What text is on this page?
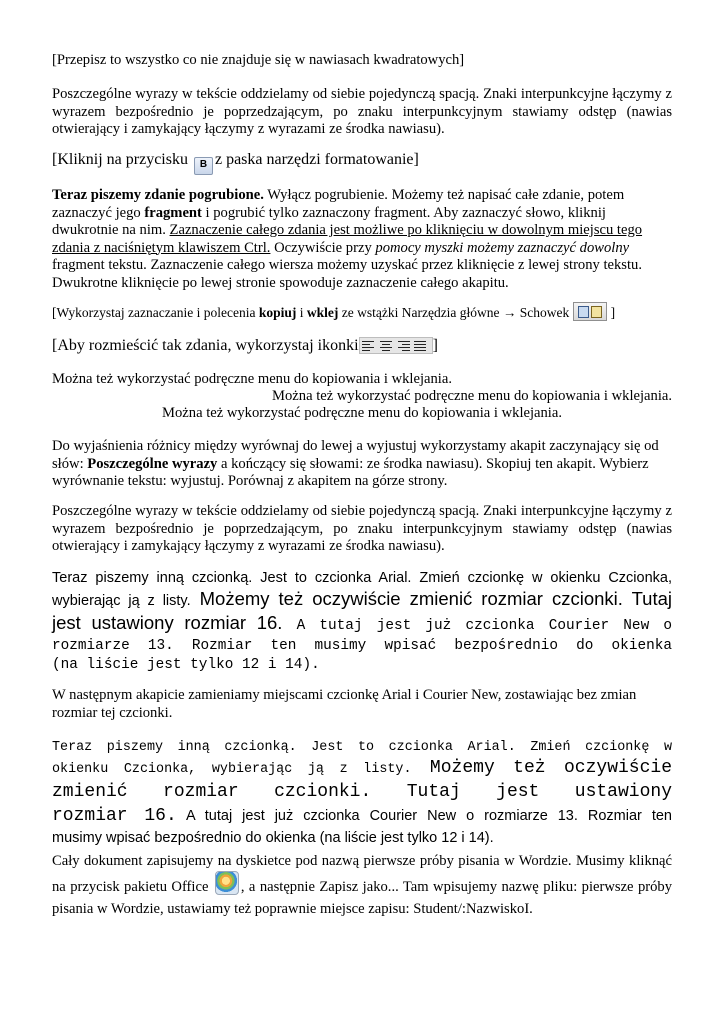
[Przepisz to wszystko co nie znajduje się w nawiasach kwadratowych]

Poszczególne wyrazy w tekście oddzielamy od siebie pojedynczą spacją. Znaki interpunkcyjne łączymy z wyrazem bezpośrednio je poprzedzającym, po znaku interpunkcyjnym stawiamy odstęp (nawias otwierający i zamykający łączymy z wyrazami ze środka nawiasu).

[Kliknij na przycisku B z paska narzędzi formatowanie]

Teraz piszemy zdanie pogrubione. Wyłącz pogrubienie. Możemy też napisać całe zdanie, potem zaznaczyć jego fragment i pogrubić tylko zaznaczony fragment. Aby zaznaczyć słowo, kliknij dwukrotnie na nim. Zaznaczenie całego zdania jest możliwe po kliknięciu w dowolnym miejscu tego zdania z naciśniętym klawiszem Ctrl. Oczywiście przy pomocy myszki możemy zaznaczyć dowolny fragment tekstu. Zaznaczenie całego wiersza możemy uzyskać przez kliknięcie z lewej strony tekstu. Dwukrotne kliknięcie po lewej stronie spowoduje zaznaczenie całego akapitu.

[Wykorzystaj zaznaczanie i polecenia kopiuj i wklej ze wstążki Narzędzia główne → Schowek	]

[Aby rozmieścić tak zdania, wykorzystaj ikonki	]

Można też wykorzystać podręczne menu do kopiowania i wklejania.

Można też wykorzystać podręczne menu do kopiowania i wklejania.

Można też wykorzystać podręczne menu do kopiowania i wklejania.

Do wyjaśnienia różnicy między wyrównaj do lewej a wyjustuj wykorzystamy akapit zaczynający się od
słów: Poszczególne wyrazy a kończący się słowami: ze środka nawiasu). Skopiuj ten akapit. Wybierz
wyrównanie tekstu: wyjustuj. Porównaj z akapitem na górze strony.

Poszczególne wyrazy w tekście oddzielamy od siebie pojedynczą spacją. Znaki interpunkcyjne łączymy z
wyrazem bezpośrednio je poprzedzającym, po znaku interpunkcyjnym stawiamy odstęp (nawias
otwierający i zamykający łączymy z wyrazami ze środka nawiasu).

Teraz piszemy inną czcionką. Jest to czcionka Arial. Zmień czcionkę w okienku Czcionka,
wybierając ją z listy. Możemy też oczywiście zmienić rozmiar czcionki. Tutaj
jest ustawiony rozmiar 16. A tutaj jest już czcionka Courier New o
rozmiarze 13. Rozmiar ten musimy wpisać bezpośrednio do okienka
(na liście jest tylko 12 i 14).

W następnym akapicie zamieniamy miejscami czcionkę Arial i Courier New, zostawiając bez zmian
rozmiar tej czcionki.

Teraz piszemy inną czcionką. Jest to czcionka Arial. Zmień czcionkę w
okienku Czcionka, wybierając ją z listy. Możemy też oczywiście
zmienić rozmiar czcionki. Tutaj jest ustawiony
rozmiar 16. A tutaj jest już czcionka Courier New o rozmiarze 13. Rozmiar ten
musimy wpisać bezpośrednio do okienka (na liście jest tylko 12 i 14).

Cały dokument zapisujemy na dyskietce pod nazwą pierwsze próby pisania w Wordzie. Musimy kliknąć
na przycisk pakietu Office , a następnie Zapisz jako... Tam wpisujemy nazwę pliku: pierwsze próby
pisania w Wordzie, ustawiamy też poprawnie miejsce zapisu: Student/:NazwiskoI.
